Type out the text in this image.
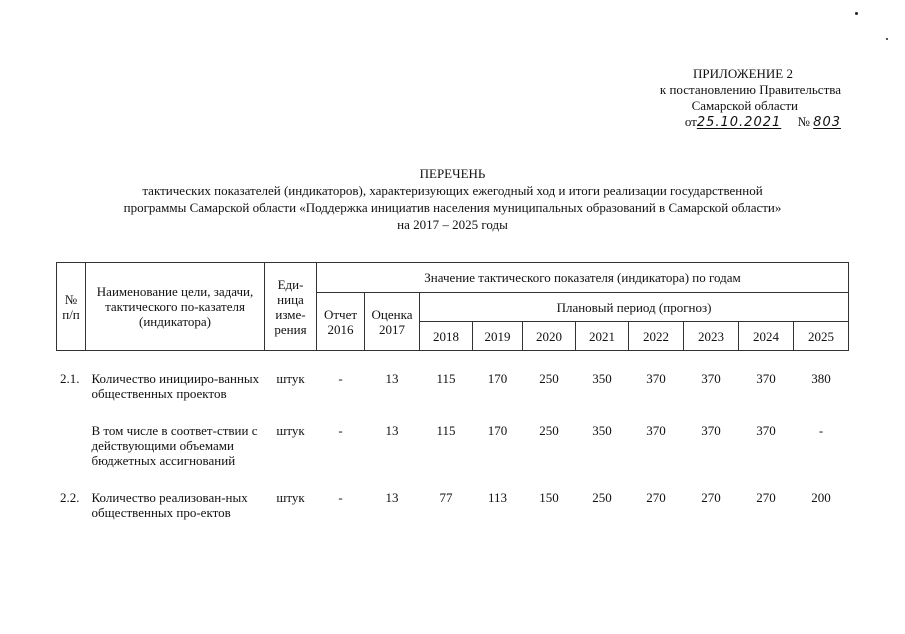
ПРИЛОЖЕНИЕ 2
к постановлению Правительства
Самарской области
от25.10.2021 № 803
ПЕРЕЧЕНЬ
тактических показателей (индикаторов), характеризующих ежегодный ход и итоги реализации государственной
программы Самарской области «Поддержка инициатив населения муниципальных образований в Самарской области»
на 2017 – 2025 годы
№ п/п	Наименование цели, задачи, тактического по-казателя (индикатора)	Еди-ница изме-рения	Значение тактического показателя (индикатора) по годам									
			Отчет 2016	Оценка 2017	Плановый период (прогноз)							
					2018	2019	2020	2021	2022	2023	2024	2025

2.1.	Количество иницииро-ванных общественных проектов	штук	-	13	115	170	250	350	370	370	370	380

	В том числе в соответ-ствии с действующими объемами бюджетных ассигнований	штук	-	13	115	170	250	350	370	370	370	-

2.2.	Количество реализован-ных общественных про-ектов	штук	-	13	77	113	150	250	270	270	270	200
